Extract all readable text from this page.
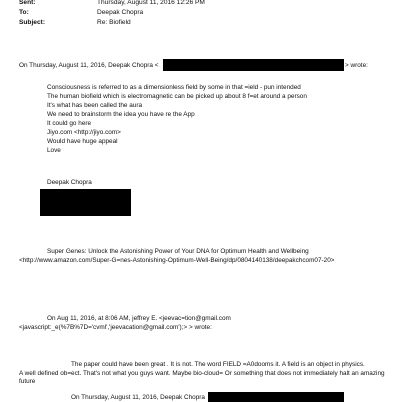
Sent:	Thursday, August 11, 2016 12:26 PM
To:	Deepak Chopra
Subject:	Re: Biofield
On Thursday, August 11, 2016, Deepak Chopra <	> wrote:
Consciousness is referred to as a dimensionless field by some in that =ield - pun intended
The human biofield which is electromagnetic can be picked up about 8 f=et around a person
It's what has been called the aura
We need to brainstorm the idea you have re the App
It could go here
Jiyo.com <http://jiyo.com>
Would have huge appeal
Love
Deepak Chopra
Super Genes: Unlock the Astonishing Power of Your DNA for Optimum Health and Wellbeing
<http://www.amazon.com/Super-G=nes-Astonishing-Optimum-Well-Being/dp/0804140138/deepakchcom07-20>
On Aug 11, 2016, at 8:06 AM, jeffrey E. <jeevac=tion@gmail.com
<javascript:_e(%7B%7D='cvml','jeevacation@gmail.com');> > wrote:
The paper could have been great . It is not. The word FIELD =A0dooms it. A field is an object in physics.
A well defined ob=ect. That's not what you guys want. Maybe bio-cloud= Or something that does not immediately halt an amazing future
On Thursday, August 11, 2016, Deepak Chopra
